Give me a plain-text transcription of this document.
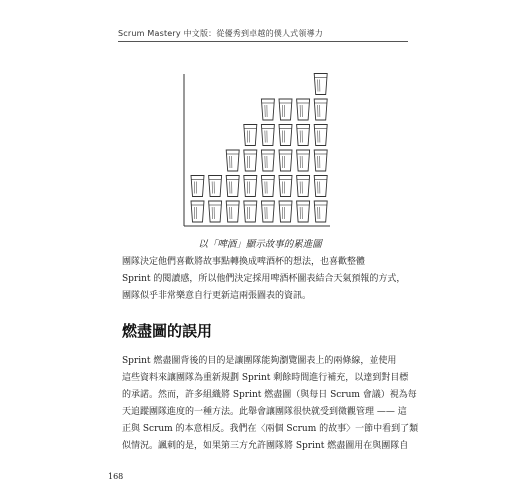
Scrum Mastery 中文版：從優秀到卓越的僕人式領導力
以「啤酒」顯示故事的累進圖
團隊決定他們喜歡將故事點轉換成啤酒杯的想法，也喜歡整體
Sprint 的閱讀感，所以他們決定採用啤酒杯圖表結合天氣預報的方式，
團隊似乎非常樂意自行更新這兩張圖表的資訊。
燃盡圖的誤用
Sprint 燃盡圖背後的目的是讓團隊能夠瀏覽圖表上的兩條線，並使用
這些資料來讓團隊為重新規劃 Sprint 剩餘時間進行補充，以達到對目標
的承諾。然而，許多組織將 Sprint 燃盡圖（與每日 Scrum 會議）視為每
天追蹤團隊進度的一種方法。此舉會讓團隊很快就受到微觀管理 —— 這
正與 Scrum 的本意相反。我們在〈兩個 Scrum 的故事〉一節中看到了類
似情況。諷刺的是，如果第三方允許團隊將 Sprint 燃盡圖用在與團隊自
168
